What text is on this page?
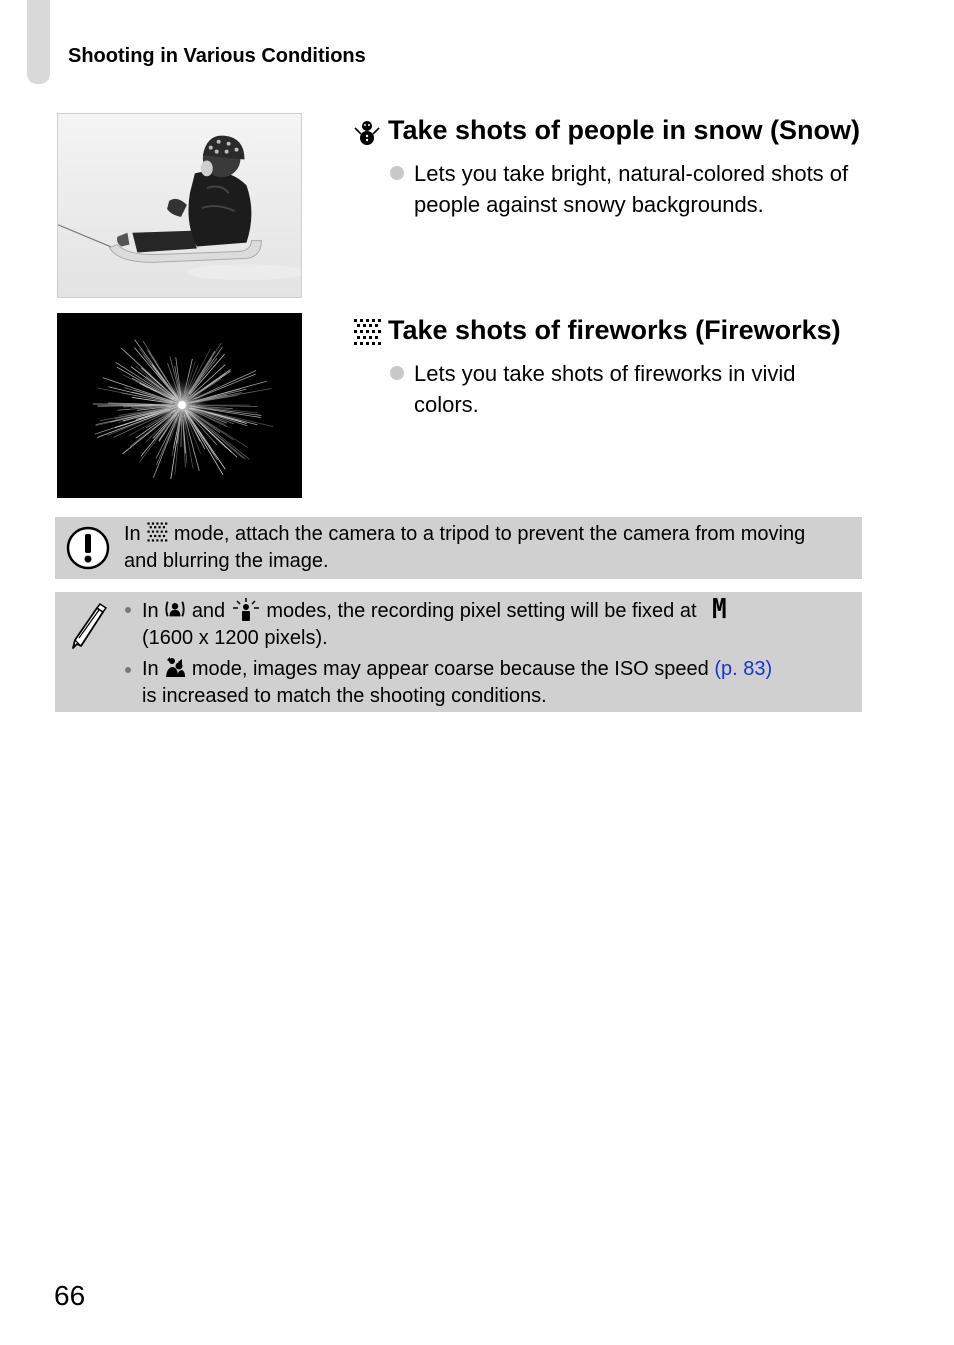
Shooting in Various Conditions
Take shots of people in snow (Snow)
Lets you take bright, natural-colored shots of people against snowy backgrounds.
Take shots of fireworks (Fireworks)
Lets you take shots of fireworks in vivid colors.
In mode, attach the camera to a tripod to prevent the camera from moving and blurring the image.
In and modes, the recording pixel setting will be fixed at M
(1600 x 1200 pixels).
In mode, images may appear coarse because the ISO speed (p. 83)
is increased to match the shooting conditions.
66
